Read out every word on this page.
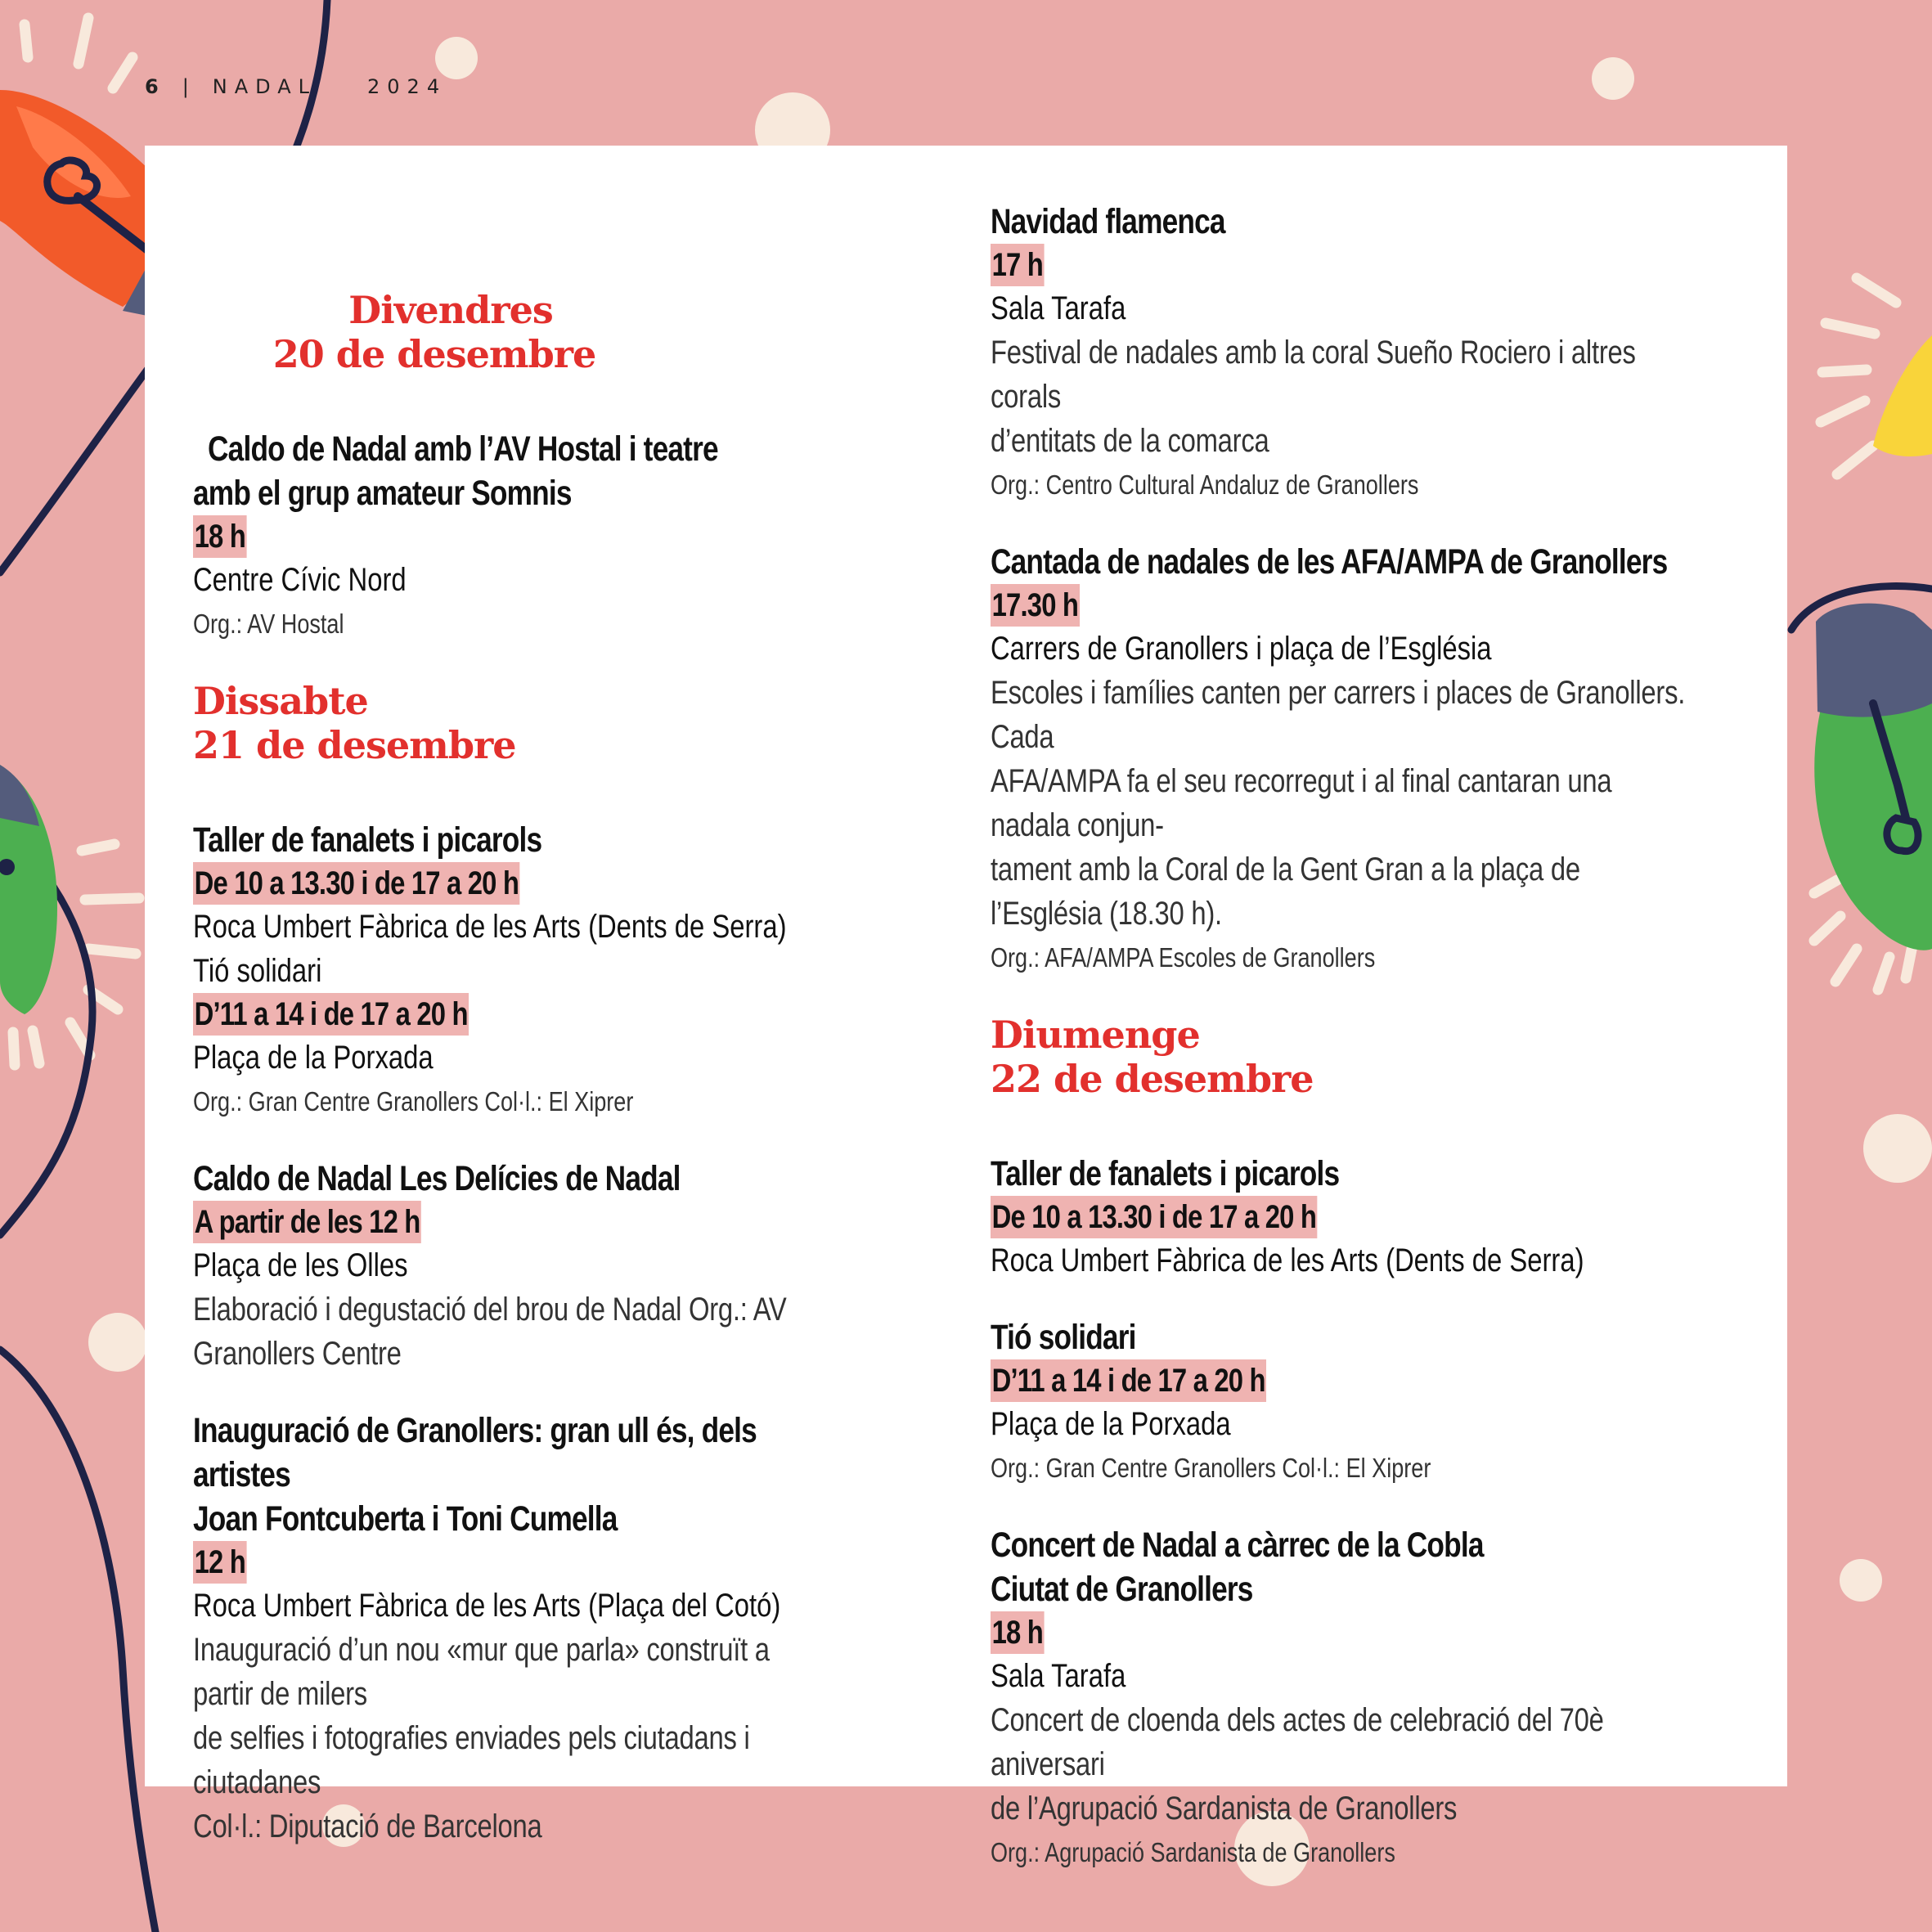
6 | NADAL	2024
Divendres
20 de desembre
Caldo de Nadal amb l’AV Hostal i teatre
amb el grup amateur Somnis
18 h
Centre Cívic Nord
Org.: AV Hostal
Dissabte
21 de desembre
Taller de fanalets i picarols
De 10 a 13.30 i de 17 a 20 h
Roca Umbert Fàbrica de les Arts (Dents de Serra)
Tió solidari
D’11 a 14 i de 17 a 20 h
Plaça de la Porxada
Org.: Gran Centre Granollers Col·l.: El Xiprer
Caldo de Nadal Les Delícies de Nadal
A partir de les 12 h
Plaça de les Olles
Elaboració i degustació del brou de Nadal Org.: AV Granollers Centre
Inauguració de Granollers: gran ull és, dels artistes
Joan Fontcuberta i Toni Cumella
12 h
Roca Umbert Fàbrica de les Arts (Plaça del Cotó)
Inauguració d’un nou «mur que parla» construït a partir de milers
de selfies i fotografies enviades pels ciutadans i ciutadanes
Col·l.: Diputació de Barcelona
Navidad flamenca
17 h
Sala Tarafa
Festival de nadales amb la coral Sueño Rociero i altres corals
d’entitats de la comarca
Org.: Centro Cultural Andaluz de Granollers
Cantada de nadales de les AFA/AMPA de Granollers
17.30 h
Carrers de Granollers i plaça de l’Església
Escoles i famílies canten per carrers i places de Granollers. Cada
AFA/AMPA fa el seu recorregut i al final cantaran una nadala conjun-
tament amb la Coral de la Gent Gran a la plaça de l’Església (18.30 h).
Org.: AFA/AMPA Escoles de Granollers
Diumenge
22 de desembre
Taller de fanalets i picarols
De 10 a 13.30 i de 17 a 20 h
Roca Umbert Fàbrica de les Arts (Dents de Serra)
Tió solidari
D’11 a 14 i de 17 a 20 h
Plaça de la Porxada
Org.: Gran Centre Granollers Col·l.: El Xiprer
Concert de Nadal a càrrec de la Cobla
Ciutat de Granollers
18 h
Sala Tarafa
Concert de cloenda dels actes de celebració del 70è aniversari
de l’Agrupació Sardanista de Granollers
Org.: Agrupació Sardanista de Granollers
